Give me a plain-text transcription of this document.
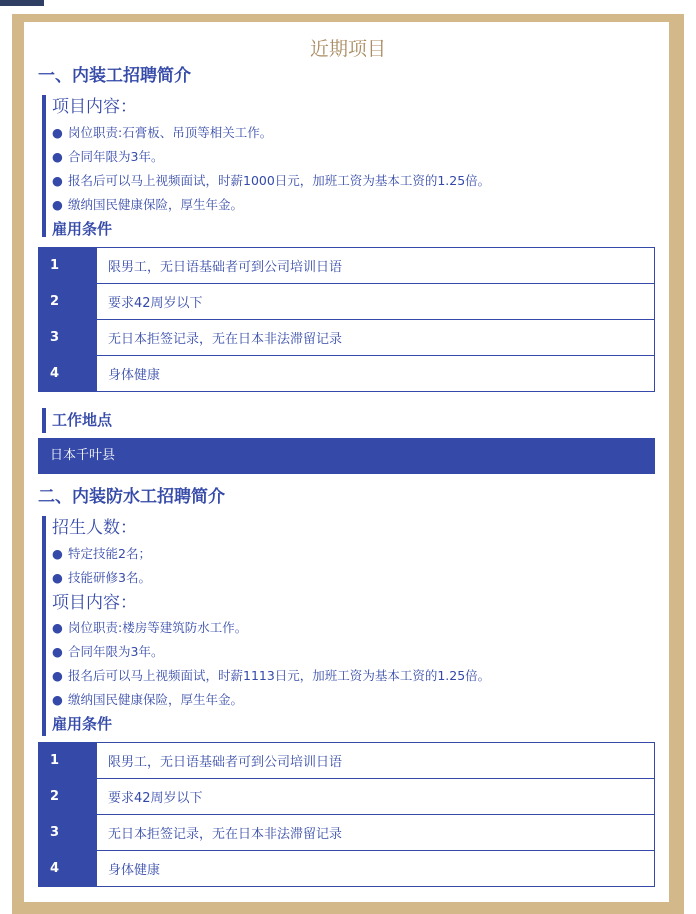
近期项目
一、内装工招聘简介
项目内容：
● 岗位职责:石膏板、吊顶等相关工作。
● 合同年限为3年。
● 报名后可以马上视频面试，时薪1000日元，加班工资为基本工资的1.25倍。
● 缴纳国民健康保险，厚生年金。
雇用条件
1	限男工，无日语基础者可到公司培训日语
2	要求42周岁以下
3	无日本拒签记录，无在日本非法滞留记录
4	身体健康
工作地点
日本千叶县
二、内装防水工招聘简介
招生人数：
● 特定技能2名；
● 技能研修3名。
项目内容：
● 岗位职责:楼房等建筑防水工作。
● 合同年限为3年。
● 报名后可以马上视频面试，时薪1113日元，加班工资为基本工资的1.25倍。
● 缴纳国民健康保险，厚生年金。
雇用条件
1	限男工，无日语基础者可到公司培训日语
2	要求42周岁以下
3	无日本拒签记录，无在日本非法滞留记录
4	身体健康
